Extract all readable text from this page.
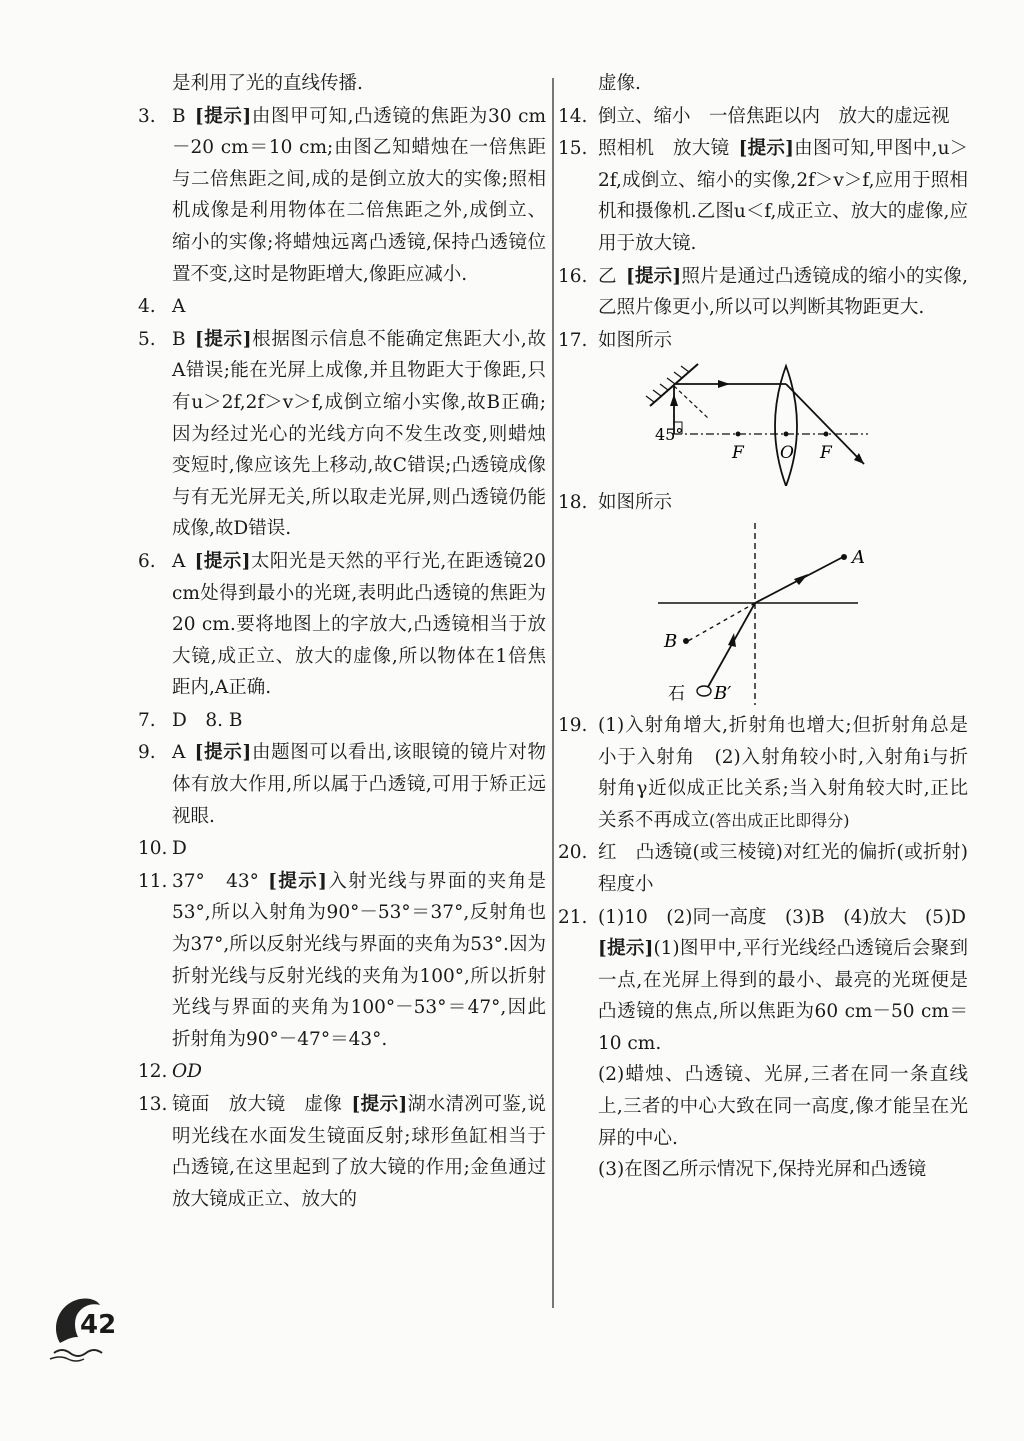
是利用了光的直线传播.
3. B  [提示]由图甲可知,凸透镜的焦距为30 cm－20 cm＝10 cm;由图乙知蜡烛在一倍焦距与二倍焦距之间,成的是倒立放大的实像;照相机成像是利用物体在二倍焦距之外,成倒立、缩小的实像;将蜡烛远离凸透镜,保持凸透镜位置不变,这时是物距增大,像距应减小.
4. A
5. B  [提示]根据图示信息不能确定焦距大小,故A错误;能在光屏上成像,并且物距大于像距,只有u＞2f,2f＞v＞f,成倒立缩小实像,故B正确;因为经过光心的光线方向不发生改变,则蜡烛变短时,像应该先上移动,故C错误;凸透镜成像与有无光屏无关,所以取走光屏,则凸透镜仍能成像,故D错误.
6. A  [提示]太阳光是天然的平行光,在距透镜20 cm处得到最小的光斑,表明此凸透镜的焦距为20 cm.要将地图上的字放大,凸透镜相当于放大镜,成正立、放大的虚像,所以物体在1倍焦距内,A正确.
7. D　8. B
9. A  [提示]由题图可以看出,该眼镜的镜片对物体有放大作用,所以属于凸透镜,可用于矫正远视眼.
10. D
11. 37°　43°  [提示]入射光线与界面的夹角是53°,所以入射角为90°－53°＝37°,反射角也为37°,所以反射光线与界面的夹角为53°.因为折射光线与反射光线的夹角为100°,所以折射光线与界面的夹角为100°－53°＝47°,因此折射角为90°－47°＝43°.
12. OD
13. 镜面　放大镜　虚像  [提示]湖水清冽可鉴,说明光线在水面发生镜面反射;球形鱼缸相当于凸透镜,在这里起到了放大镜的作用;金鱼通过放大镜成正立、放大的
虚像.
14. 倒立、缩小　一倍焦距以内　放大的虚远视
15. 照相机　放大镜  [提示]由图可知,甲图中,u＞2f,成倒立、缩小的实像,2f＞v＞f,应用于照相机和摄像机.乙图u＜f,成正立、放大的虚像,应用于放大镜.
16. 乙  [提示]照片是通过凸透镜成的缩小的实像,乙照片像更小,所以可以判断其物距更大.
17. 如图所示
45°
F O F
18. 如图所示
A
B
石 B′
19. (1)入射角增大,折射角也增大;但折射角总是小于入射角　(2)入射角较小时,入射角i与折射角γ近似成正比关系;当入射角较大时,正比关系不再成立(答出成正比即得分)
20. 红　凸透镜(或三棱镜)对红光的偏折(或折射)程度小
21. (1)10　(2)同一高度　(3)B　(4)放大　(5)D
[提示](1)图甲中,平行光线经凸透镜后会聚到一点,在光屏上得到的最小、最亮的光斑便是凸透镜的焦点,所以焦距为60 cm－50 cm＝10 cm.
(2)蜡烛、凸透镜、光屏,三者在同一条直线上,三者的中心大致在同一高度,像才能呈在光屏的中心.
(3)在图乙所示情况下,保持光屏和凸透镜
42
